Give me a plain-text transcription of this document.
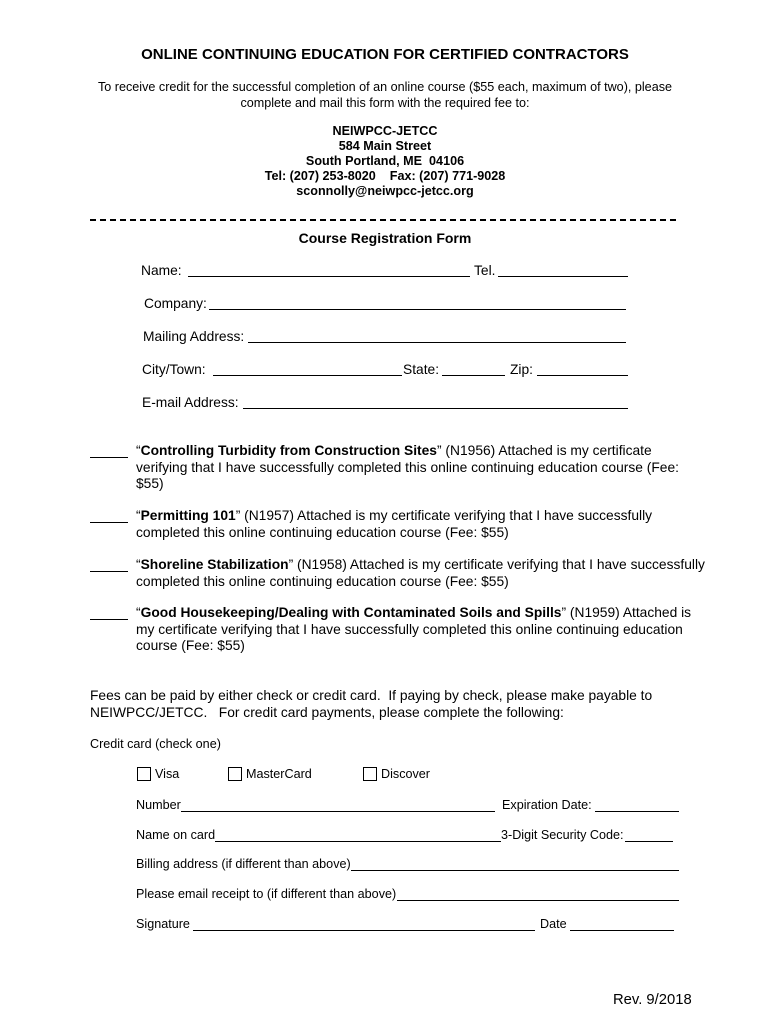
ONLINE CONTINUING EDUCATION FOR CERTIFIED CONTRACTORS
To receive credit for the successful completion of an online course ($55 each, maximum of two), please
complete and mail this form with the required fee to:
NEIWPCC-JETCC
584 Main Street
South Portland, ME  04106
Tel: (207) 253-8020    Fax: (207) 771-9028
sconnolly@neiwpcc-jetcc.org
Course Registration Form
Name:	Tel.
Company:
Mailing Address:
City/Town:	State:	Zip:
E-mail Address:
“Controlling Turbidity from Construction Sites” (N1956) Attached is my certificate
verifying that I have successfully completed this online continuing education course (Fee:
$55)
“Permitting 101” (N1957) Attached is my certificate verifying that I have successfully
completed this online continuing education course (Fee: $55)
“Shoreline Stabilization” (N1958) Attached is my certificate verifying that I have successfully
completed this online continuing education course (Fee: $55)
“Good Housekeeping/Dealing with Contaminated Soils and Spills” (N1959) Attached is
my certificate verifying that I have successfully completed this online continuing education
course (Fee: $55)
Fees can be paid by either check or credit card.  If paying by check, please make payable to
NEIWPCC/JETCC.   For credit card payments, please complete the following:
Credit card (check one)
Visa	MasterCard	Discover
Number	Expiration Date:
Name on card	3-Digit Security Code:
Billing address (if different than above)
Please email receipt to (if different than above)
Signature	Date
Rev. 9/2018
